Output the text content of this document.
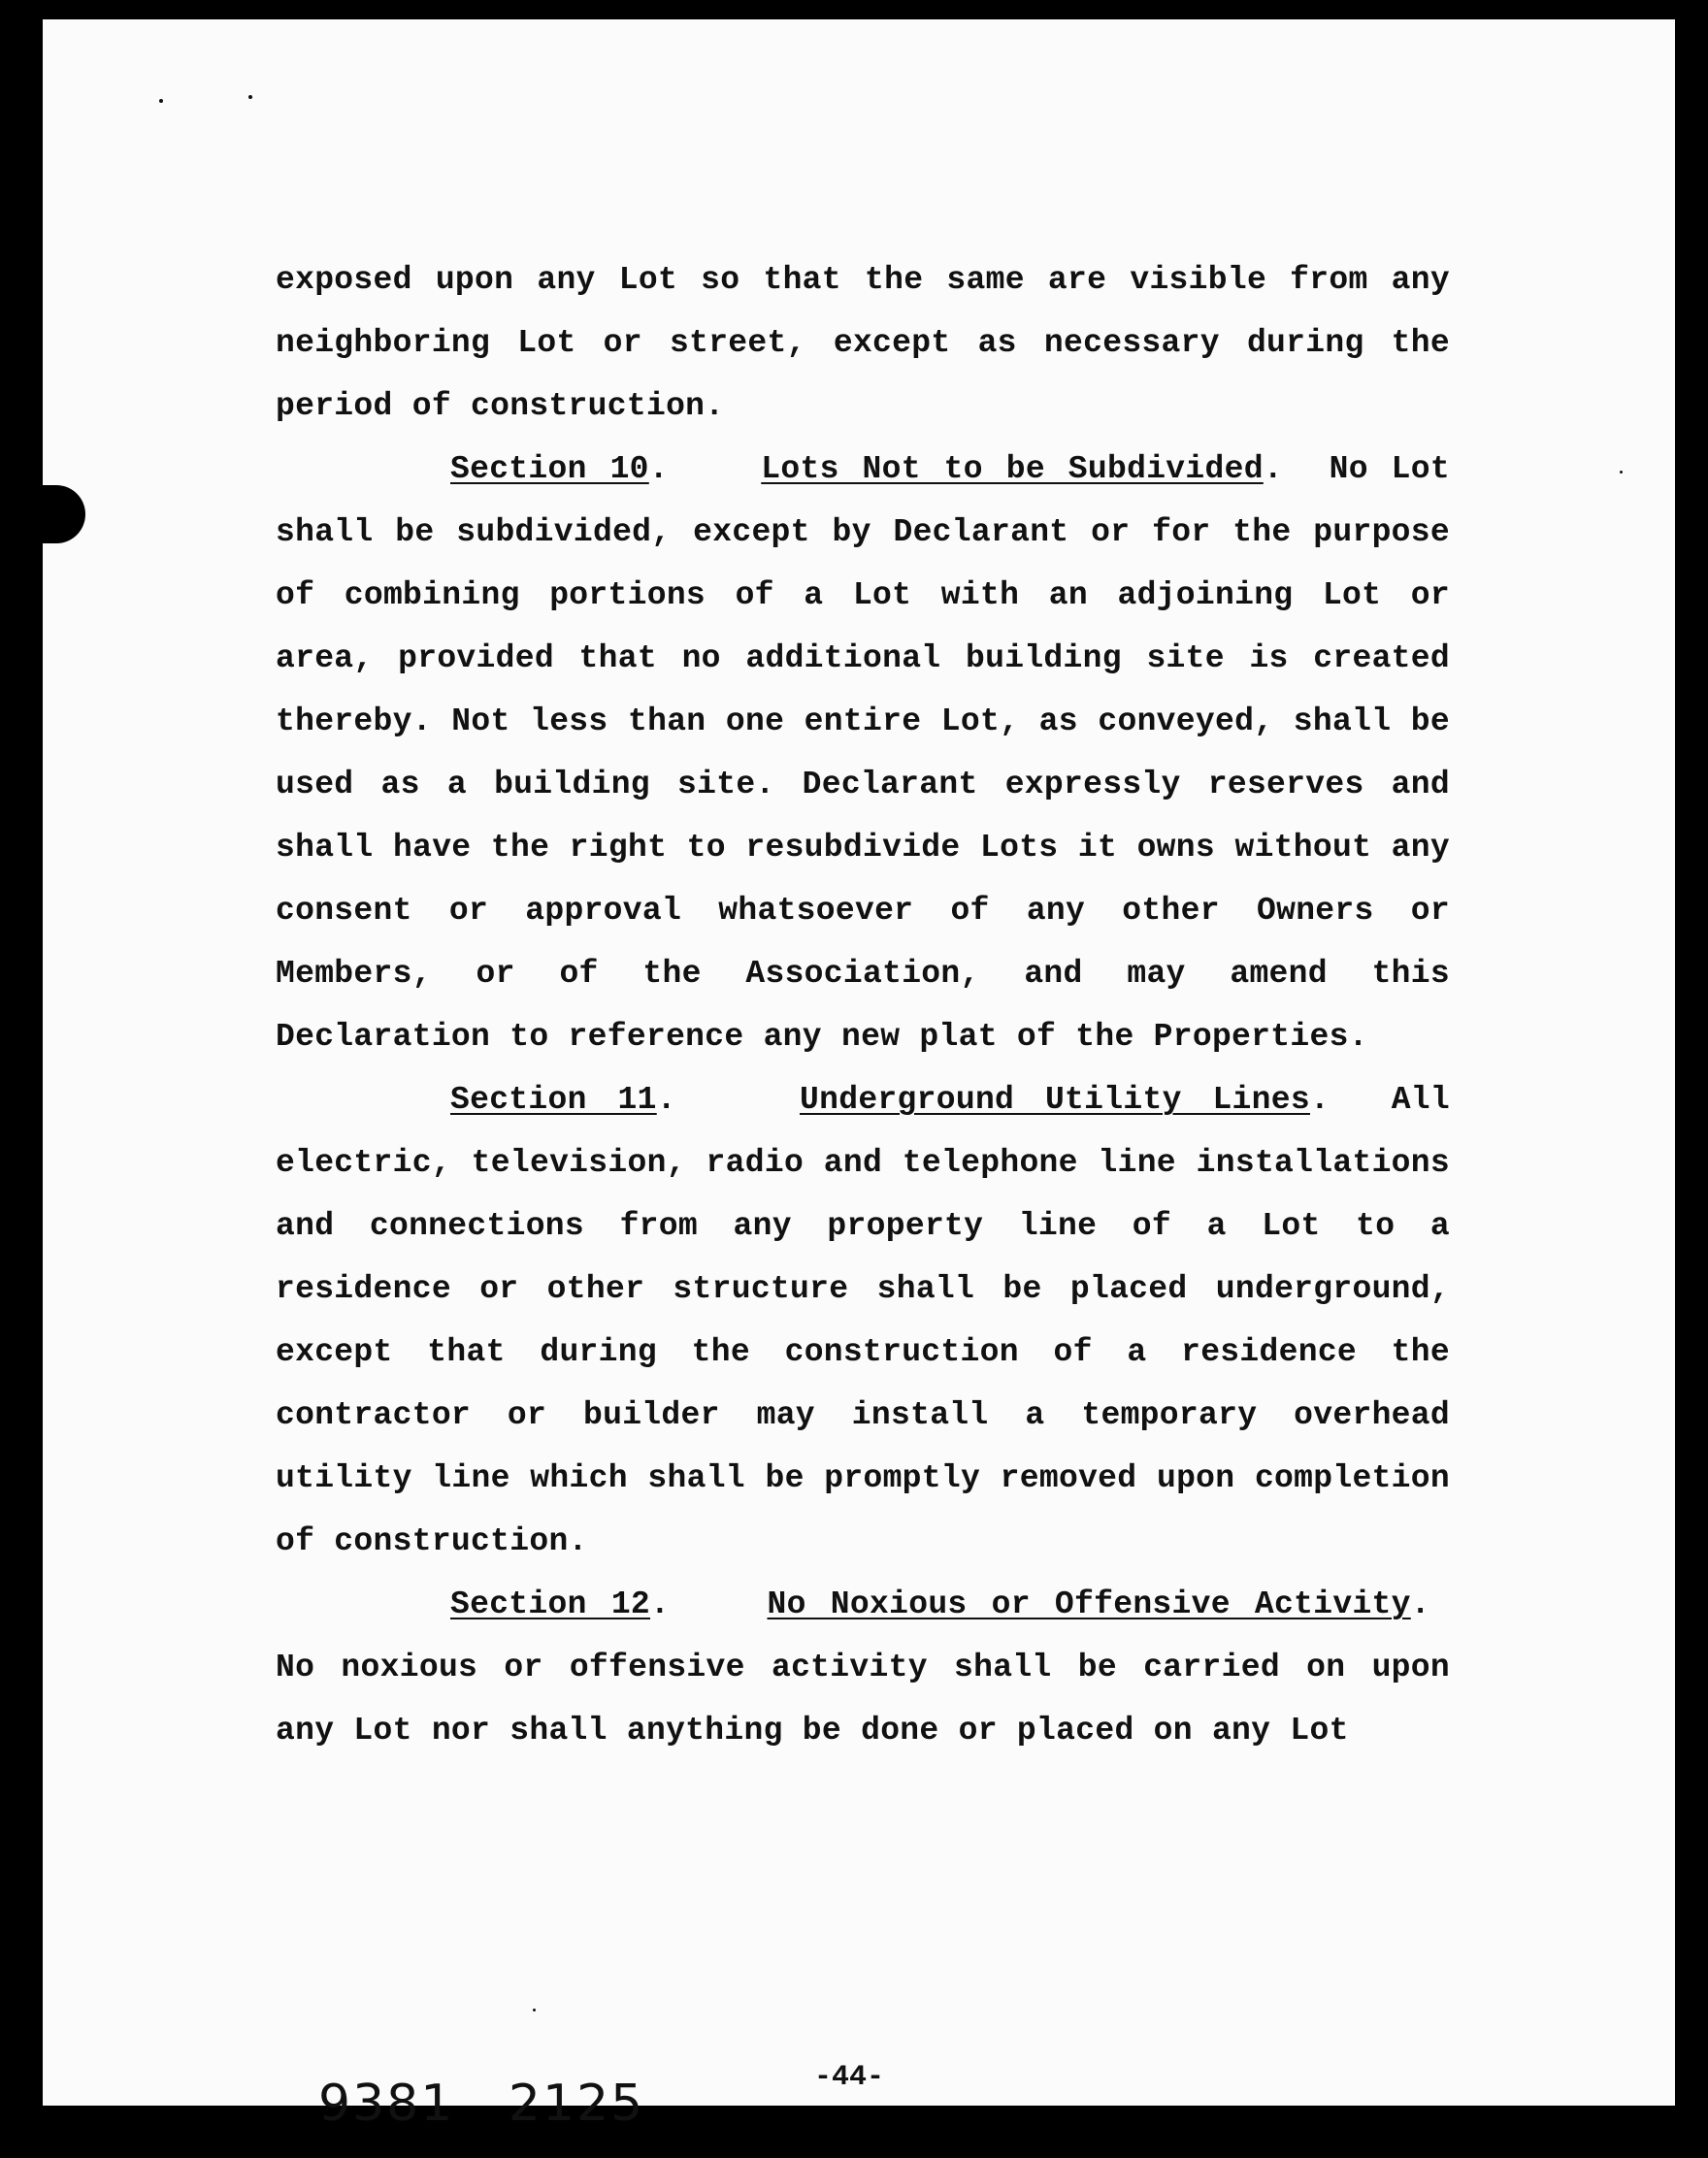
exposed upon any Lot so that the same are visible from any neighboring Lot or street, except as necessary during the period of construction.

Section 10.    Lots Not to be Subdivided.  No Lot shall be subdivided, except by Declarant or for the purpose of combining portions of a Lot with an adjoining Lot or area, provided that no additional building site is created thereby. Not less than one entire Lot, as conveyed, shall be used as a building site. Declarant expressly reserves and shall have the right to resubdivide Lots it owns without any consent or approval whatsoever of any other Owners or Members, or of the Association, and may amend this Declaration to reference any new plat of the Properties.

Section 11.    Underground Utility Lines.  All electric, television, radio and telephone line installations and connections from any property line of a Lot to a residence or other structure shall be placed underground, except that during the construction of a residence the contractor or builder may install a temporary overhead utility line which shall be promptly removed upon completion of construction.

Section 12.    No Noxious or Offensive Activity.  No noxious or offensive activity shall be carried on upon any Lot nor shall anything be done or placed on any Lot

-44-
9381   2125
